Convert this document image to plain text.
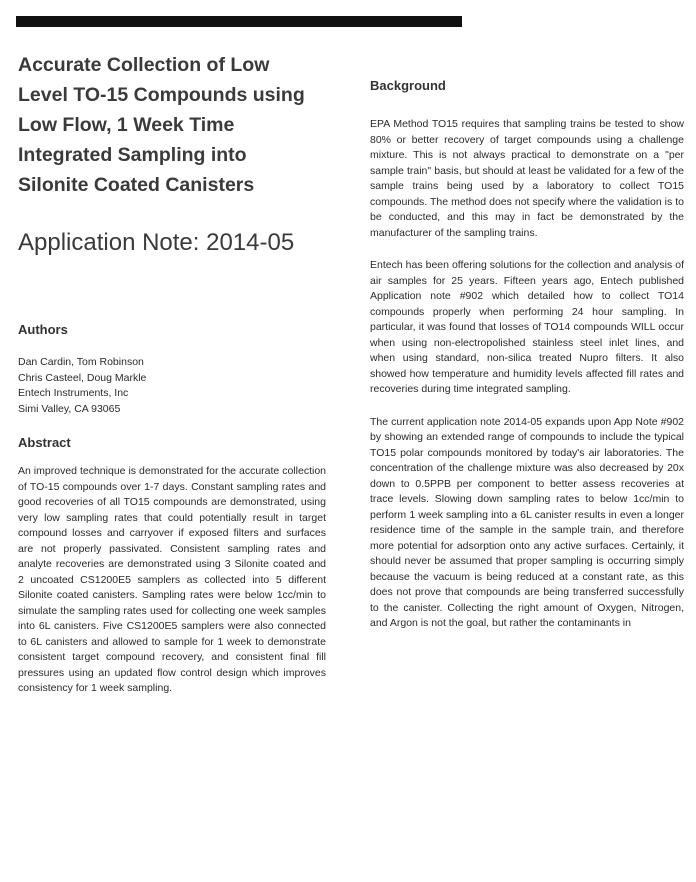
Accurate Collection of Low
Level TO-15 Compounds using
Low Flow, 1 Week Time
Integrated Sampling into
Silonite Coated Canisters
Application Note: 2014-05
Authors
Dan Cardin, Tom Robinson
Chris Casteel, Doug Markle
Entech Instruments, Inc
Simi Valley, CA 93065
Abstract

An improved technique is demonstrated for the accurate collection of TO-15 compounds over 1-7 days. Constant sampling rates and good recoveries of all TO15 compounds are demonstrated, using very low sampling rates that could potentially result in target compound losses and carryover if exposed filters and surfaces are not properly passivated. Consistent sampling rates and analyte recoveries are demonstrated using 3 Silonite coated and 2 uncoated CS1200E5 samplers as collected into 5 different Silonite coated canisters. Sampling rates were below 1cc/min to simulate the sampling rates used for collecting one week samples into 6L canisters. Five CS1200E5 samplers were also connected to 6L canisters and allowed to sample for 1 week to demonstrate consistent target compound recovery, and consistent final fill pressures using an updated flow control design which improves consistency for 1 week sampling.

Background

EPA Method TO15 requires that sampling trains be tested to show 80% or better recovery of target compounds using a challenge mixture. This is not always practical to demonstrate on a "per sample train" basis, but should at least be validated for a few of the sample trains being used by a laboratory to collect TO15 compounds. The method does not specify where the validation is to be conducted, and this may in fact be demonstrated by the manufacturer of the sampling trains.

Entech has been offering solutions for the collection and analysis of air samples for 25 years. Fifteen years ago, Entech published Application note #902 which detailed how to collect TO14 compounds properly when performing 24 hour sampling. In particular, it was found that losses of TO14 compounds WILL occur when using non-electropolished stainless steel inlet lines, and when using standard, non-silica treated Nupro filters. It also showed how temperature and humidity levels affected fill rates and recoveries during time integrated sampling.

The current application note 2014-05 expands upon App Note #902 by showing an extended range of compounds to include the typical TO15 polar compounds monitored by today's air laboratories. The concentration of the challenge mixture was also decreased by 20x down to 0.5PPB per component to better assess recoveries at trace levels. Slowing down sampling rates to below 1cc/min to perform 1 week sampling into a 6L canister results in even a longer residence time of the sample in the sample train, and therefore more potential for adsorption onto any active surfaces. Certainly, it should never be assumed that proper sampling is occurring simply because the vacuum is being reduced at a constant rate, as this does not prove that compounds are being transferred successfully to the canister. Collecting the right amount of Oxygen, Nitrogen, and Argon is not the goal, but rather the contaminants in
